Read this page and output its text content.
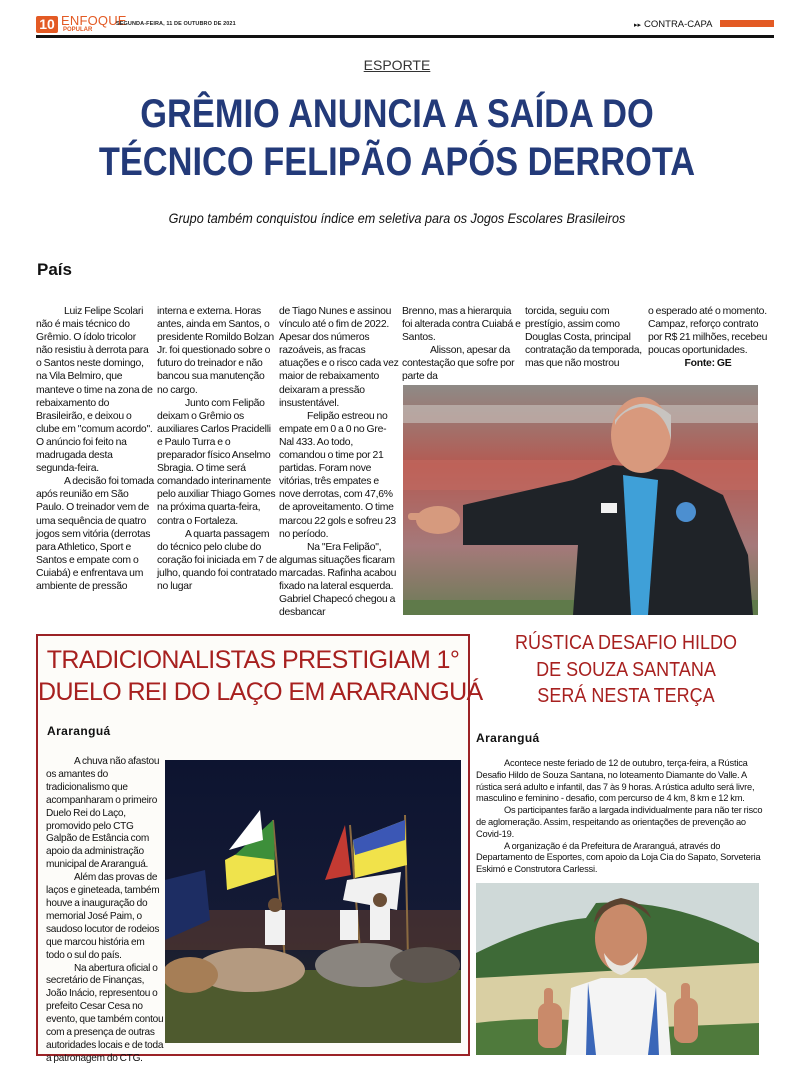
10 ENFOQUE
POPULAR
SEGUNDA-FEIRA, 11 DE OUTUBRO DE 2021	▸▸ CONTRA-CAPA
ESPORTE
GRÊMIO ANUNCIA A SAÍDA DO
TÉCNICO FELIPÃO APÓS DERROTA
Grupo também conquistou índice em seletiva para os Jogos Escolares Brasileiros
País

Luiz Felipe Scolari não é mais técnico do Grêmio. O ídolo tricolor não resistiu à derrota para o Santos neste domingo, na Vila Belmiro, que manteve o time na zona de rebaixamento do Brasileirão, e deixou o clube em "comum acordo". O anúncio foi feito na madrugada desta segunda-feira.

A decisão foi tomada após reunião em São Paulo. O treinador vem de uma sequência de quatro jogos sem vitória (derrotas para Athletico, Sport e Santos e empate com o Cuiabá) e enfrentava um ambiente de pressão

interna e externa. Horas antes, ainda em Santos, o presidente Romildo Bolzan Jr. foi questionado sobre o futuro do treinador e não bancou sua manutenção no cargo.

Junto com Felipão deixam o Grêmio os auxiliares Carlos Pracidelli e Paulo Turra e o preparador físico Anselmo Sbragia. O time será comandado interinamente pelo auxiliar Thiago Gomes na próxima quarta-feira, contra o Fortaleza.

A quarta passagem do técnico pelo clube do coração foi iniciada em 7 de julho, quando foi contratado no lugar

de Tiago Nunes e assinou vínculo até o fim de 2022. Apesar dos números razoáveis, as fracas atuações e o risco cada vez maior de rebaixamento deixaram a pressão insustentável.

Felipão estreou no empate em 0 a 0 no Gre-Nal 433. Ao todo, comandou o time por 21 partidas. Foram nove vitórias, três empates e nove derrotas, com 47,6% de aproveitamento. O time marcou 22 gols e sofreu 23 no período.

Na "Era Felipão", algumas situações ficaram marcadas. Rafinha acabou fixado na lateral esquerda. Gabriel Chapecó chegou a desbancar

Brenno, mas a hierarquia foi alterada contra Cuiabá e Santos.

Alisson, apesar da contestação que sofre por parte da

torcida, seguiu com prestígio, assim como Douglas Costa, principal contratação da temporada, mas que não mostrou

o esperado até o momento. Campaz, reforço contrato por R$ 21 milhões, recebeu poucas oportunidades.

Fonte: GE

TRADICIONALISTAS PRESTIGIAM 1°
DUELO REI DO LAÇO EM ARARANGUÁ
Araranguá

A chuva não afastou os amantes do tradicionalismo que acompanharam o primeiro Duelo Rei do Laço, promovido pelo CTG Galpão de Estância com apoio da administração municipal de Araranguá.

Além das provas de laços e gineteada, também houve a inauguração do memorial José Paim, o saudoso locutor de rodeios que marcou história em todo o sul do país.

Na abertura oficial o secretário de Finanças, João Inácio, representou o prefeito Cesar Cesa no evento, que também contou com a presença de outras autoridades locais e de toda a patronagem do CTG.

RÚSTICA DESAFIO HILDO
DE SOUZA SANTANA
SERÁ NESTA TERÇA
Araranguá

Acontece neste feriado de 12 de outubro, terça-feira, a Rústica Desafio Hildo de Souza Santana, no loteamento Diamante do Valle. A rústica será adulto e infantil, das 7 às 9 horas. A rústica adulto será livre, masculino e feminino - desafio, com percurso de 4 km, 8 km e 12 km.

Os participantes farão a largada individualmente para não ter risco de aglomeração. Assim, respeitando as orientações de prevenção ao Covid-19.

A organização é da Prefeitura de Araranguá, através do Departamento de Esportes, com apoio da Loja Cia do Sapato, Sorveteria Eskimó e Construtora Carlessi.
